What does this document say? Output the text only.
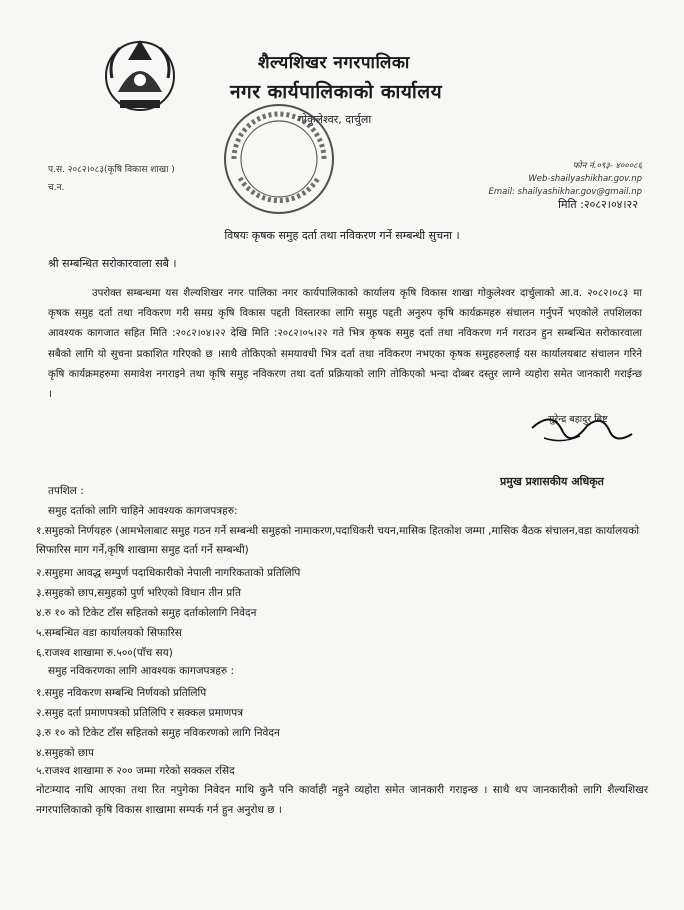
शैल्यशिखर नगरपालिका
नगर कार्यपालिकाको कार्यालय
गोकुलेश्वर, दार्चुला
प.स. २०८२।०८३(कृषि विकास शाखा )
च.न.
फोन नं.०९३- ४०००८६
Web-shailyashikhar.gov.np
Email: shailyashikhar.gov@gmail.np
मिति :२०८२।०४।२२
विषयः कृषक समुह दर्ता तथा नविकरण गर्ने सम्बन्धी सुचना ।
श्री सम्बन्धित सरोकारवाला सबै ।
उपरोक्त सम्बन्धमा यस शैल्यशिखर नगर पालिका नगर कार्यपालिकाको कार्यालय कृषि विकास शाखा गोकुलेश्वर दार्चुलाको आ.व. २०८२।०८३ मा कृषक समुह दर्ता तथा नविकरण गरी समग्र कृषि विकास पद्दती विस्तारका लागि समुह पद्दती अनुरुप कृषि कार्यक्रमहरु संचालन गर्नुपर्ने भएकोले तपशिलका आवश्यक कागजात सहित मिति :२०८२।०४।२२ देखि मिति :२०८२।०५।२२ गते भित्र कृषक समुह दर्ता तथा नविकरण गर्न गराउन हुन सम्बन्धित सरोकारवाला सबैको लागि यो सुचना प्रकाशित गरिएको छ ।साथै तोकिएको समयावधी भित्र दर्ता तथा नविकरण नभएका कृषक समुहहरुलाई यस कार्यालयबाट संचालन गरिने कृषि कार्यक्रमहरुमा समावेश नगराइने तथा कृषि समुह नविकरण तथा दर्ता प्रक्रियाको लागि तोकिएको भन्दा दोब्बर दस्तुर लाग्ने व्यहोरा समेत जानकारी गराईन्छ ।
सुरेन्द्र बहादुर बिष्ट
प्रमुख प्रशासकीय अधिकृत
तपशिल :
समुह दर्ताको लागि चाहिने आवश्यक कागजपत्रहरु:
१.समुहको निर्णयहरु (आमभेलाबाट समुह गठन गर्ने सम्बन्धी समुहको नामाकरण,पदाधिकरी चयन,मासिक हितकोश जम्मा ,मासिक बैठक संचालन,वडा कार्यालयको सिफारिस माग गर्ने,कृषि शाखामा समुह दर्ता गर्ने सम्बन्धी)
२.समुहमा आवद्ध सम्पुर्ण पदाधिकारीको नेपाली नागरिकताको प्रतिलिपि
३.समुहको छाप,समुहको पुर्ण भरिएको विधान तीन प्रति
४.रु १० को टिकेट टाँस सहितको समुह दर्ताकोलागि निवेदन
५.सम्बन्धित वडा कार्यालयको सिफारिस
६.राजश्व शाखामा रु.५००(पाँच सय)
समुह नविकरणका लागि आवश्यक कागजपत्रहरु :
१.समुह नविकरण सम्बन्धि निर्णयको प्रतिलिपि
२.समुह दर्ता प्रमाणपत्रको प्रतिलिपि र सक्कल प्रमाणपत्र
३.रु १० को टिकेट टाँस सहितको समुह नविकरणको लागि निवेदन
४.समुहको छाप
५.राजश्व शाखामा रु २०० जम्मा गरेको सक्कल रसिद
नोटःम्याद नाधि आएका तथा रित नपुगेका निवेदन माथि कुनै पनि कार्वाही नहुने व्यहोरा समेत जानकारी गराइन्छ । साथै थप जानकारीको लागि शैल्यशिखर नगरपालिकाको कृषि विकास शाखामा सम्पर्क गर्न हुन अनुरोध छ ।
